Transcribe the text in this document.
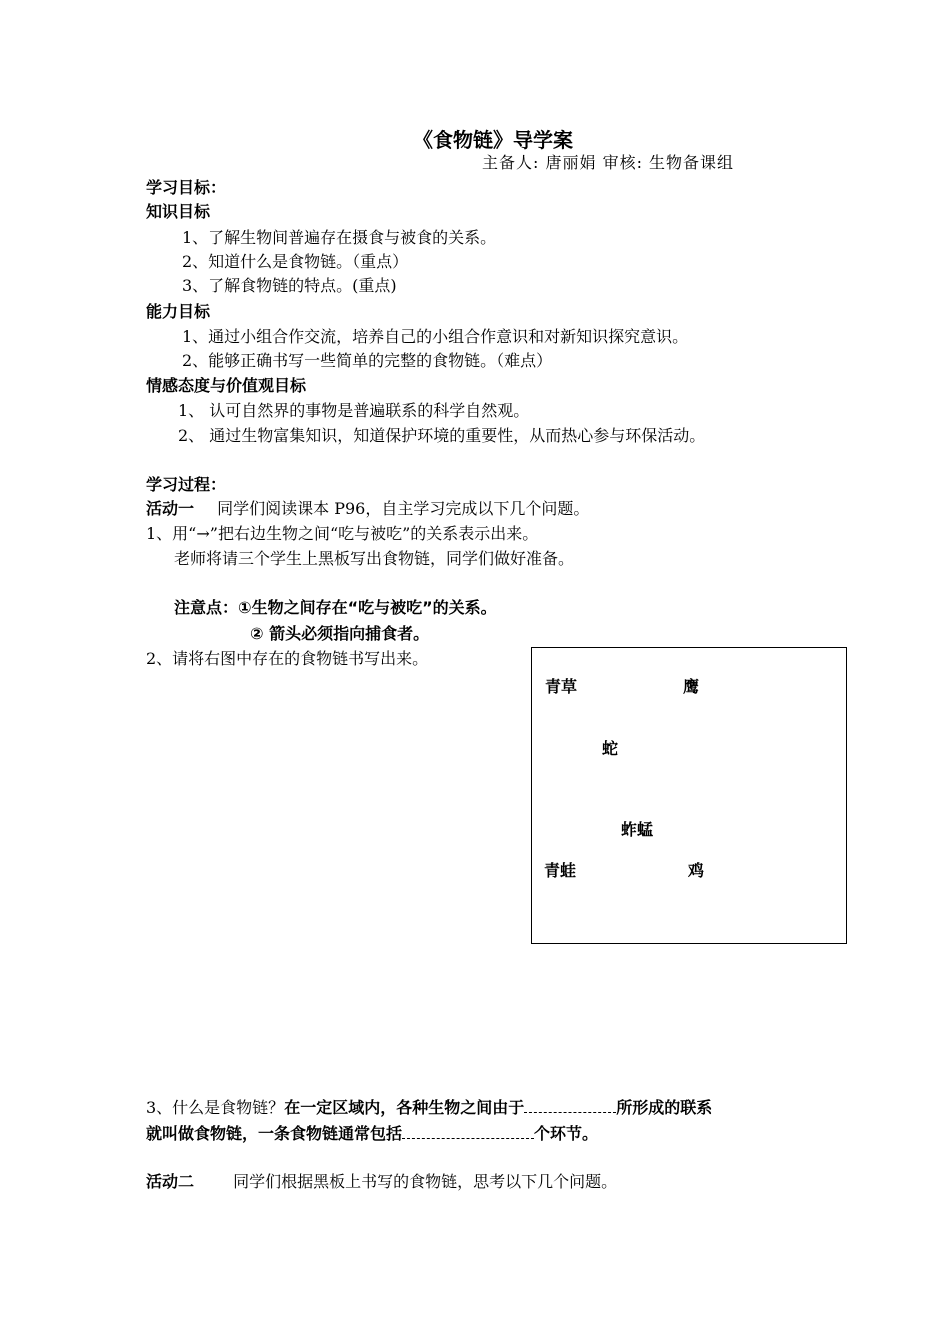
《食物链》导学案
主备人: 唐丽娟 审核: 生物备课组
学习目标：
知识目标
1、了解生物间普遍存在摄食与被食的关系。
2、知道什么是食物链。（重点）
3、了解食物链的特点。(重点)
能力目标
1、通过小组合作交流，培养自己的小组合作意识和对新知识探究意识。
2、能够正确书写一些简单的完整的食物链。（难点）
情感态度与价值观目标
1、 认可自然界的事物是普遍联系的科学自然观。
2、 通过生物富集知识，知道保护环境的重要性，从而热心参与环保活动。
学习过程：
活动一 同学们阅读课本 P96，自主学习完成以下几个问题。
1、用“→”把右边生物之间“吃与被吃”的关系表示出来。
老师将请三个学生上黑板写出食物链，同学们做好准备。
注意点：①生物之间存在“吃与被吃”的关系。
② 箭头必须指向捕食者。
2、请将右图中存在的食物链书写出来。
青草	鹰
蛇
蚱蜢
青蛙	鸡
3、什么是食物链？在一定区域内，各种生物之间由于	所形成的联系
就叫做食物链，一条食物链通常包括	个环节。
活动二 同学们根据黑板上书写的食物链，思考以下几个问题。
